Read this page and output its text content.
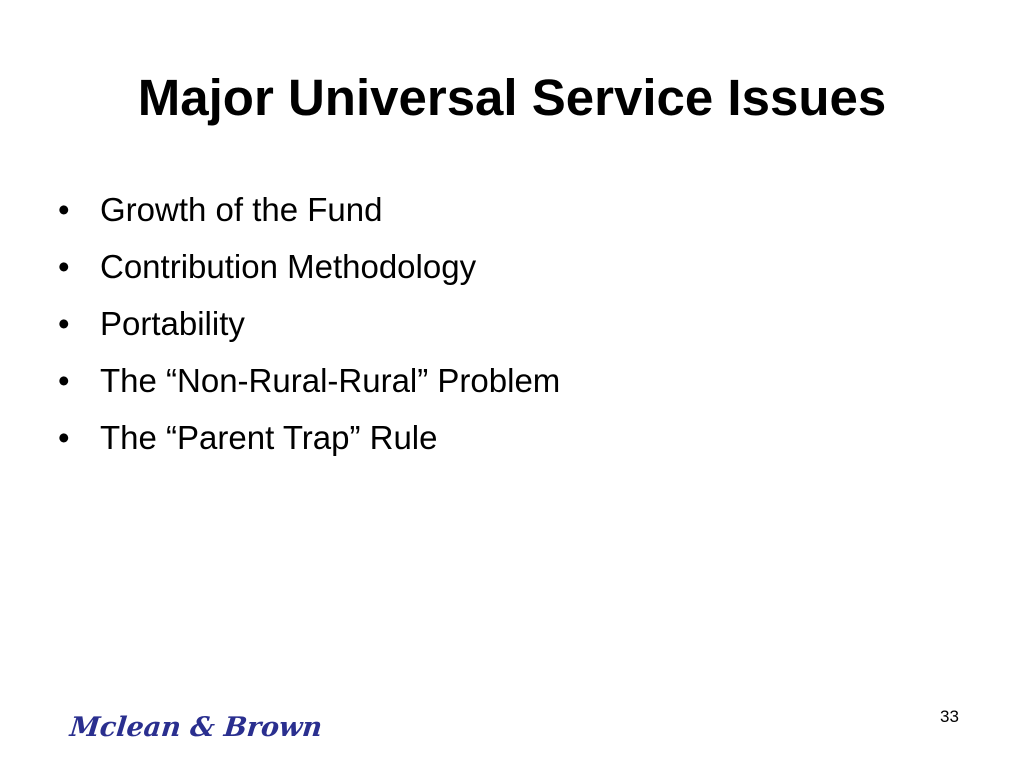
Major Universal Service Issues
• Growth of the Fund
• Contribution Methodology
• Portability
• The “Non-Rural-Rural” Problem
• The “Parent Trap” Rule
Mclean & Brown	33
